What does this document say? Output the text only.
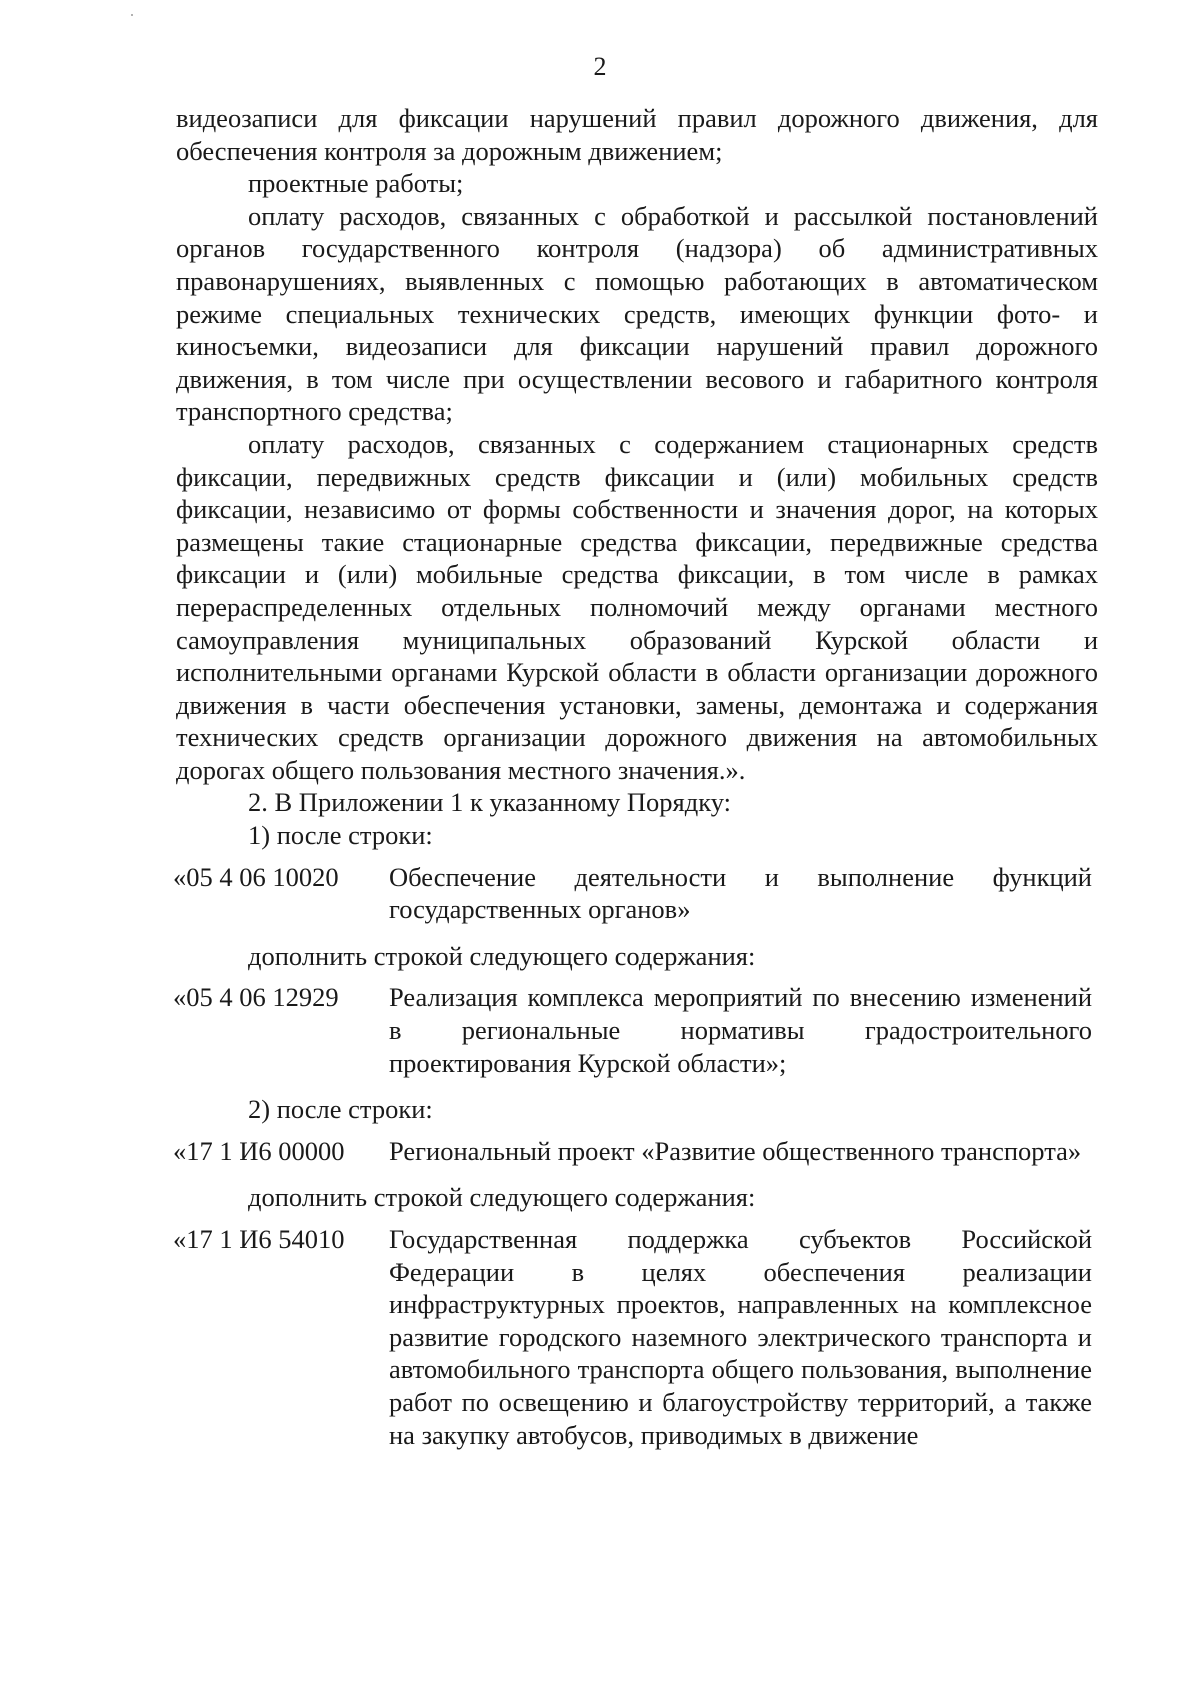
2

видеозаписи для фиксации нарушений правил дорожного движения, для обеспечения контроля за дорожным движением;

проектные работы;

оплату расходов, связанных с обработкой и рассылкой постановлений органов государственного контроля (надзора) об административных правонарушениях, выявленных с помощью работающих в автоматическом режиме специальных технических средств, имеющих функции фото- и киносъемки, видеозаписи для фиксации нарушений правил дорожного движения, в том числе при осуществлении весового и габаритного контроля транспортного средства;

оплату расходов, связанных с содержанием стационарных средств фиксации, передвижных средств фиксации и (или) мобильных средств фиксации, независимо от формы собственности и значения дорог, на которых размещены такие стационарные средства фиксации, передвижные средства фиксации и (или) мобильные средства фиксации, в том числе в рамках перераспределенных отдельных полномочий между органами местного самоуправления муниципальных образований Курской области и исполнительными органами Курской области в области организации дорожного движения в части обеспечения установки, замены, демонтажа и содержания технических средств организации дорожного движения на автомобильных дорогах общего пользования местного значения.».

2. В Приложении 1 к указанному Порядку:

1) после строки:

«05 4 06 10020	Обеспечение деятельности и выполнение функций государственных органов»

дополнить строкой следующего содержания:

«05 4 06 12929	Реализация комплекса мероприятий по внесению изменений в региональные нормативы градостроительного проектирования Курской области»;

2) после строки:

«17 1 И6 00000	Региональный проект «Развитие общественного транспорта»

дополнить строкой следующего содержания:

«17 1 И6 54010	Государственная поддержка субъектов Российской Федерации в целях обеспечения реализации инфраструктурных проектов, направленных на комплексное развитие городского наземного электрического транспорта и автомобильного транспорта общего пользования, выполнение работ по освещению и благоустройству территорий, а также на закупку автобусов, приводимых в движение
